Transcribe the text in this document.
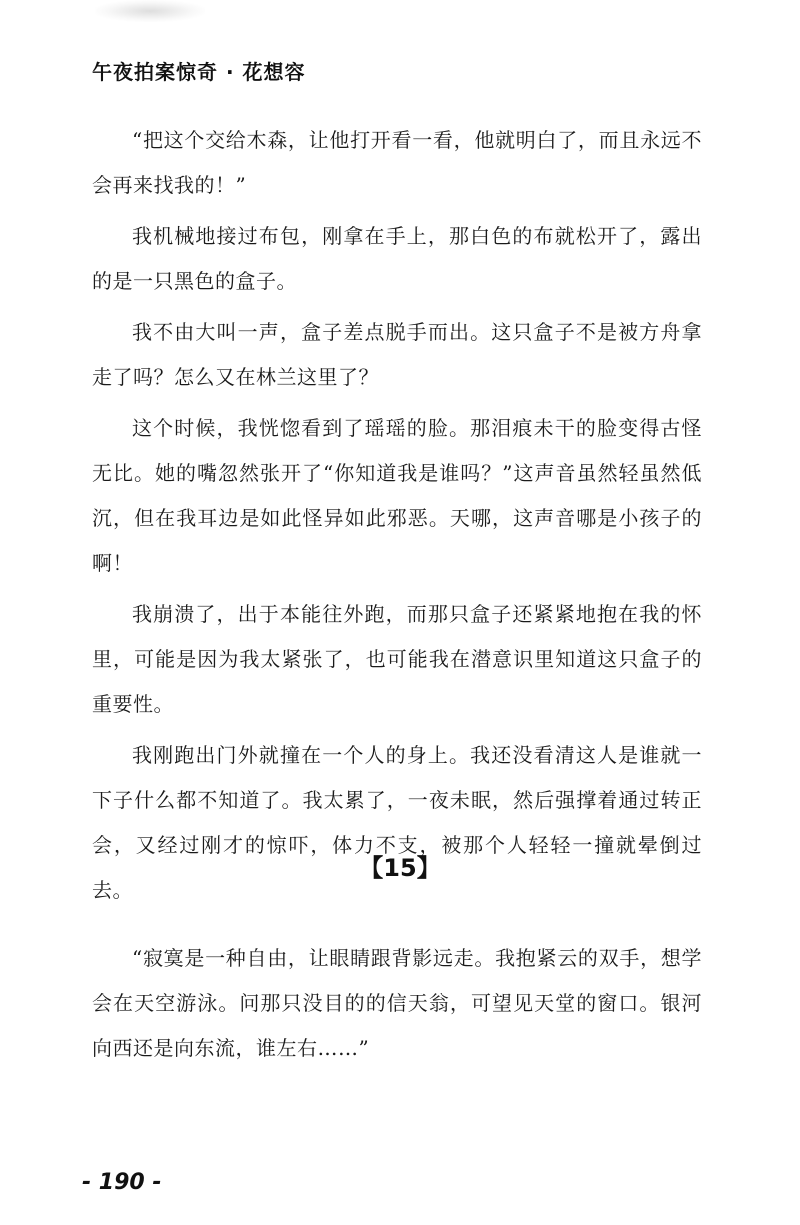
午夜拍案惊奇 · 花想容

“把这个交给木森，让他打开看一看，他就明白了，而且永远不会再来找我的！”

我机械地接过布包，刚拿在手上，那白色的布就松开了，露出的是一只黑色的盒子。

我不由大叫一声，盒子差点脱手而出。这只盒子不是被方舟拿走了吗？怎么又在林兰这里了？

这个时候，我恍惚看到了瑶瑶的脸。那泪痕未干的脸变得古怪无比。她的嘴忽然张开了“你知道我是谁吗？”这声音虽然轻虽然低沉，但在我耳边是如此怪异如此邪恶。天哪，这声音哪是小孩子的啊！

我崩溃了，出于本能往外跑，而那只盒子还紧紧地抱在我的怀里，可能是因为我太紧张了，也可能我在潜意识里知道这只盒子的重要性。

我刚跑出门外就撞在一个人的身上。我还没看清这人是谁就一下子什么都不知道了。我太累了，一夜未眠，然后强撑着通过转正会，又经过刚才的惊吓，体力不支，被那个人轻轻一撞就晕倒过去。

【15】

“寂寞是一种自由，让眼睛跟背影远走。我抱紧云的双手，想学会在天空游泳。问那只没目的的信天翁，可望见天堂的窗口。银河向西还是向东流，谁左右……”

- 190 -
